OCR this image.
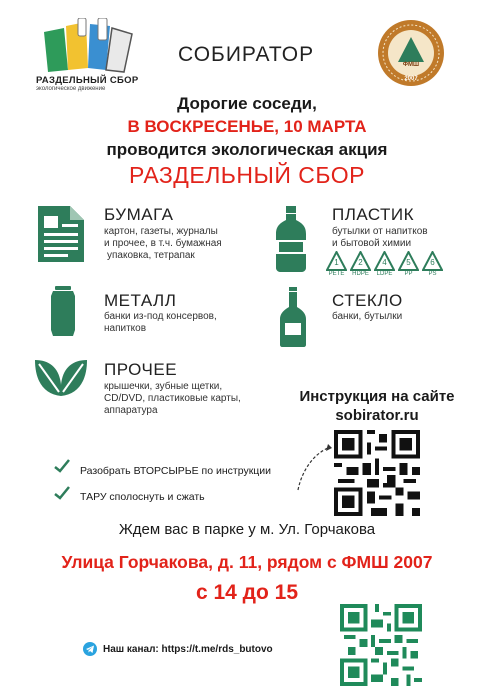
РАЗДЕЛЬНЫЙ СБОР
экологическое движение
СОБИРАТОР	ФМШ
2007
Дорогие соседи,
В ВОСКРЕСЕНЬЕ, 10 МАРТА
проводится экологическая акция
РАЗДЕЛЬНЫЙ СБОР
БУМАГА
картон, газеты, журналы
и прочее, в т.ч. бумажная
упаковка, тетрапак
ПЛАСТИК
бутылки от напитков
и бытовой химии
1
PETE
2
HDPE
4
LDPE
5
PP
6
PS
МЕТАЛЛ
банки из-под консервов,
напитков
СТЕКЛО
банки, бутылки
ПРОЧЕЕ
крышечки, зубные щетки,
CD/DVD, пластиковые карты,
аппаратура
Инструкция на сайте
sobirator.ru
Разобрать ВТОРСЫРЬЕ по инструкции
ТАРУ сполоснуть и сжать
Ждем вас в парке у м. Ул. Горчакова
Улица Горчакова, д. 11, рядом с ФМШ 2007
с 14 до 15
Наш канал: https://t.me/rds_butovo
